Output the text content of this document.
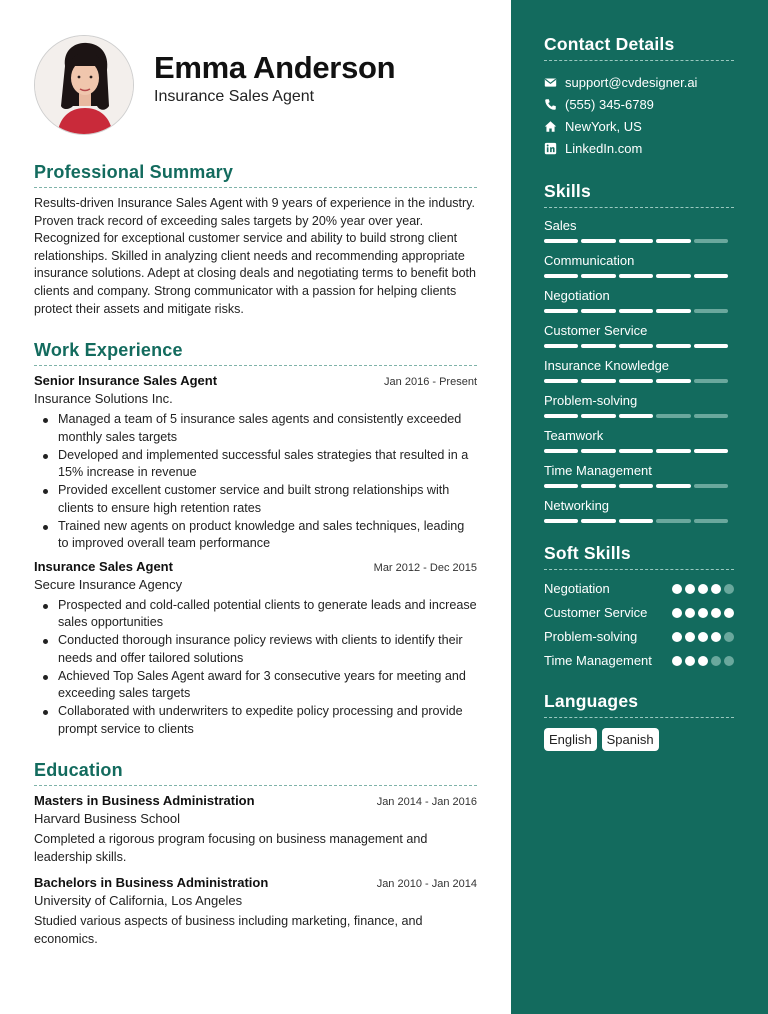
Emma Anderson
Insurance Sales Agent
Professional Summary
Results-driven Insurance Sales Agent with 9 years of experience in the industry. Proven track record of exceeding sales targets by 20% year over year. Recognized for exceptional customer service and ability to build strong client relationships. Skilled in analyzing client needs and recommending appropriate insurance solutions. Adept at closing deals and negotiating terms to benefit both clients and company. Strong communicator with a passion for helping clients protect their assets and mitigate risks.
Work Experience
Senior Insurance Sales Agent	Jan 2016 - Present
Insurance Solutions Inc.
Managed a team of 5 insurance sales agents and consistently exceeded monthly sales targets
Developed and implemented successful sales strategies that resulted in a 15% increase in revenue
Provided excellent customer service and built strong relationships with clients to ensure high retention rates
Trained new agents on product knowledge and sales techniques, leading to improved overall team performance
Insurance Sales Agent	Mar 2012 - Dec 2015
Secure Insurance Agency
Prospected and cold-called potential clients to generate leads and increase sales opportunities
Conducted thorough insurance policy reviews with clients to identify their needs and offer tailored solutions
Achieved Top Sales Agent award for 3 consecutive years for meeting and exceeding sales targets
Collaborated with underwriters to expedite policy processing and provide prompt service to clients
Education
Masters in Business Administration	Jan 2014 - Jan 2016
Harvard Business School
Completed a rigorous program focusing on business management and leadership skills.
Bachelors in Business Administration	Jan 2010 - Jan 2014
University of California, Los Angeles
Studied various aspects of business including marketing, finance, and economics.
Contact Details
support@cvdesigner.ai
(555) 345-6789
NewYork, US
LinkedIn.com
Skills
Sales
Communication
Negotiation
Customer Service
Insurance Knowledge
Problem-solving
Teamwork
Time Management
Networking
Soft Skills
Negotiation
Customer Service
Problem-solving
Time Management
Languages
English	Spanish
